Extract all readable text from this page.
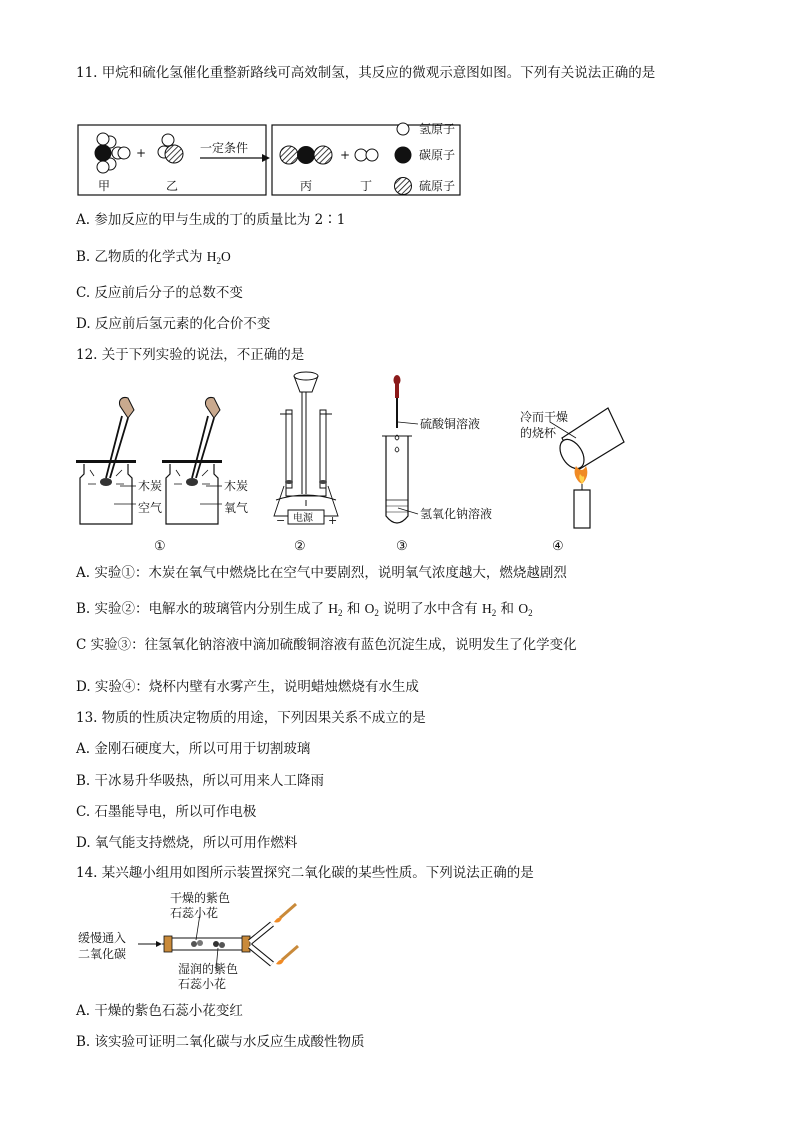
11. 甲烷和硫化氢催化重整新路线可高效制氢，其反应的微观示意图如图。下列有关说法正确的是
+
甲	乙
一定条件	+
丙	丁
氢原子
碳原子
硫原子
A. 参加反应的甲与生成的丁的质量比为 2∶1
B. 乙物质的化学式为 $H_2O$
C. 反应前后分子的总数不变
D. 反应前后氢元素的化合价不变
12. 关于下列实验的说法，不正确的是
木炭
空气
木炭
氧气
电源
−	+
硫酸铜溶液
氢氧化钠溶液
冷而干燥
的烧杯
①	②	③	④
A. 实验①：木炭在氧气中燃烧比在空气中要剧烈，说明氧气浓度越大，燃烧越剧烈
B. 实验②：电解水的玻璃管内分别生成了 $H_2$ 和 $O_2$ 说明了水中含有 $H_2$ 和 $O_2$
C 实验③：往氢氧化钠溶液中滴加硫酸铜溶液有蓝色沉淀生成，说明发生了化学变化
D. 实验④：烧杯内壁有水雾产生，说明蜡烛燃烧有水生成
13. 物质的性质决定物质的用途，下列因果关系不成立的是
A. 金刚石硬度大，所以可用于切割玻璃
B. 干冰易升华吸热，所以可用来人工降雨
C. 石墨能导电，所以可作电极
D. 氧气能支持燃烧，所以可用作燃料
14. 某兴趣小组用如图所示装置探究二氧化碳的某些性质。下列说法正确的是
缓慢通入
二氧化碳
干燥的紫色
石蕊小花
湿润的紫色
石蕊小花
A. 干燥的紫色石蕊小花变红
B. 该实验可证明二氧化碳与水反应生成酸性物质
